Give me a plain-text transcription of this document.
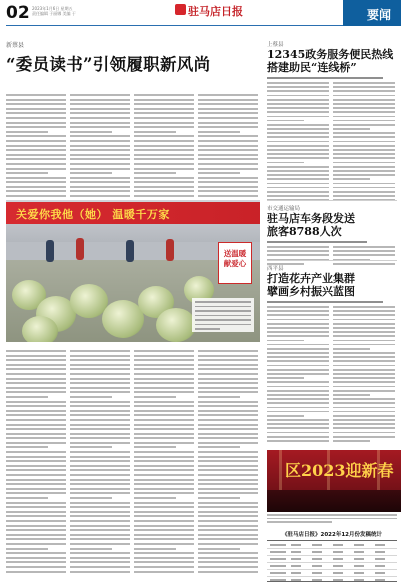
02 2023年1月6日 星期五
责任编辑 于丽娜 美编 于	驻马店日报	要闻
新蔡县
“委员读书”引领履职新风尚
关爱你我他（她） 温暖千万家
送温暖 献爱心
上蔡县
12345政务服务便民热线
搭建助民“连线桥”
市交通运输局
驻马店车务段发送
旅客8788人次
西平县
打造花卉产业集群
擘画乡村振兴蓝图
区2023迎新春
《驻马店日报》2022年12月份发稿统计
